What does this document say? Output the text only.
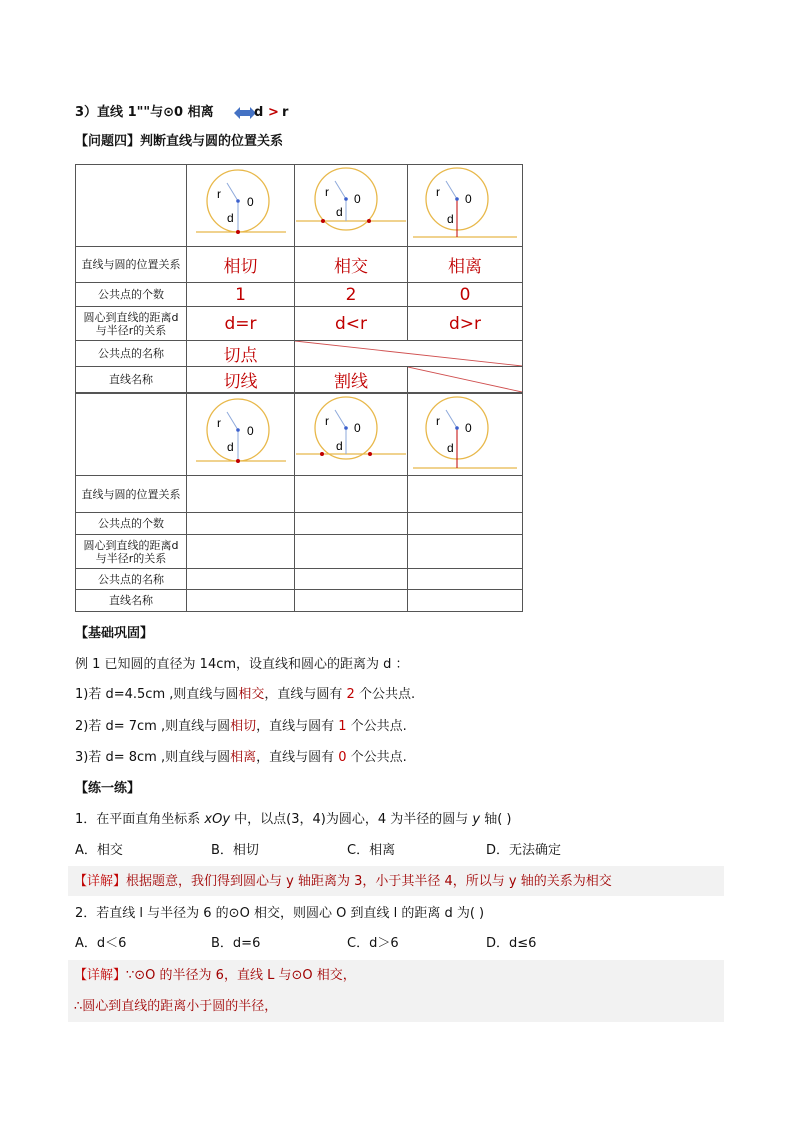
3）直线 1""与⊙0 相离	d > r
【问题四】判断直线与圆的位置关系

r
0
d	r 0
d	r 0
d

直线与圆的位置关系	相切	相交	相离
公共点的个数	1	2	0
圆心到直线的距离d与半径r的关系	d=r	d<r	d>r
公共点的名称	切点	

直线名称	切线	割线	

r
0
d	r 0
d	r 0
d

直线与圆的位置关系			
公共点的个数			
圆心到直线的距离d与半径r的关系			
公共点的名称			
直线名称			
【基础巩固】
例 1 已知圆的直径为 14cm，设直线和圆心的距离为 d ：
1)若 d=4.5cm ,则直线与圆相交，直线与圆有 2 个公共点.
2)若 d= 7cm ,则直线与圆相切，直线与圆有 1 个公共点.
3)若 d= 8cm ,则直线与圆相离，直线与圆有 0 个公共点.
【练一练】
1．在平面直角坐标系 xOy 中，以点(3，4)为圆心，4 为半径的圆与 y 轴( )
A．相交	B．相切	C．相离	D．无法确定
【详解】根据题意，我们得到圆心与 y 轴距离为 3，小于其半径 4，所以与 y 轴的关系为相交
2．若直线 l 与半径为 6 的⊙O 相交，则圆心 O 到直线 l 的距离 d 为( )
A．d＜6	B．d=6	C．d＞6	D．d≤6
【详解】∵⊙O 的半径为 6，直线 L 与⊙O 相交，
∴圆心到直线的距离小于圆的半径，
